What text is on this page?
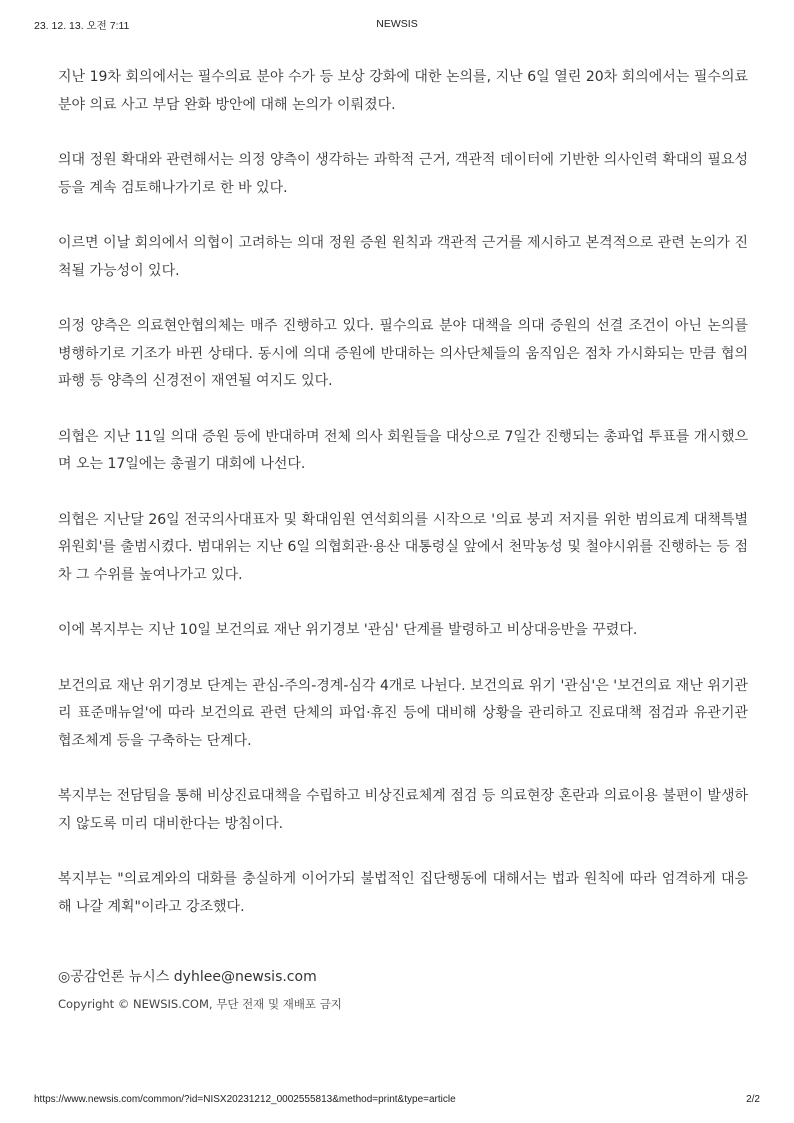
23. 12. 13. 오전 7:11	NEWSIS

지난 19차 회의에서는 필수의료 분야 수가 등 보상 강화에 대한 논의를, 지난 6일 열린 20차 회의에서는 필수의료 분야 의료 사고 부담 완화 방안에 대해 논의가 이뤄졌다.

의대 정원 확대와 관련해서는 의정 양측이 생각하는 과학적 근거, 객관적 데이터에 기반한 의사인력 확대의 필요성 등을 계속 검토해나가기로 한 바 있다.

이르면 이날 회의에서 의협이 고려하는 의대 정원 증원 원칙과 객관적 근거를 제시하고 본격적으로 관련 논의가 진척될 가능성이 있다.

의정 양측은 의료현안협의체는 매주 진행하고 있다. 필수의료 분야 대책을 의대 증원의 선결 조건이 아닌 논의를 병행하기로 기조가 바뀐 상태다. 동시에 의대 증원에 반대하는 의사단체들의 움직임은 점차 가시화되는 만큼 협의 파행 등 양측의 신경전이 재연될 여지도 있다.

의협은 지난 11일 의대 증원 등에 반대하며 전체 의사 회원들을 대상으로 7일간 진행되는 총파업 투표를 개시했으며 오는 17일에는 총궐기 대회에 나선다.

의협은 지난달 26일 전국의사대표자 및 확대임원 연석회의를 시작으로 '의료 붕괴 저지를 위한 범의료계 대책특별위원회'를 출범시켰다. 범대위는 지난 6일 의협회관·용산 대통령실 앞에서 천막농성 및 철야시위를 진행하는 등 점차 그 수위를 높여나가고 있다.

이에 복지부는 지난 10일 보건의료 재난 위기경보 '관심' 단계를 발령하고 비상대응반을 꾸렸다.

보건의료 재난 위기경보 단계는 관심-주의-경계-심각 4개로 나뉜다. 보건의료 위기 '관심'은 '보건의료 재난 위기관리 표준매뉴얼'에 따라 보건의료 관련 단체의 파업·휴진 등에 대비해 상황을 관리하고 진료대책 점검과 유관기관 협조체계 등을 구축하는 단계다.

복지부는 전담팀을 통해 비상진료대책을 수립하고 비상진료체계 점검 등 의료현장 혼란과 의료이용 불편이 발생하지 않도록 미리 대비한다는 방침이다.

복지부는 "의료계와의 대화를 충실하게 이어가되 불법적인 집단행동에 대해서는 법과 원칙에 따라 엄격하게 대응해 나갈 계획"이라고 강조했다.

◎공감언론 뉴시스 dyhlee@newsis.com
Copyright © NEWSIS.COM, 무단 전재 및 재배포 금지
https://www.newsis.com/common/?id=NISX20231212_0002555813&method=print&type=article	2/2
